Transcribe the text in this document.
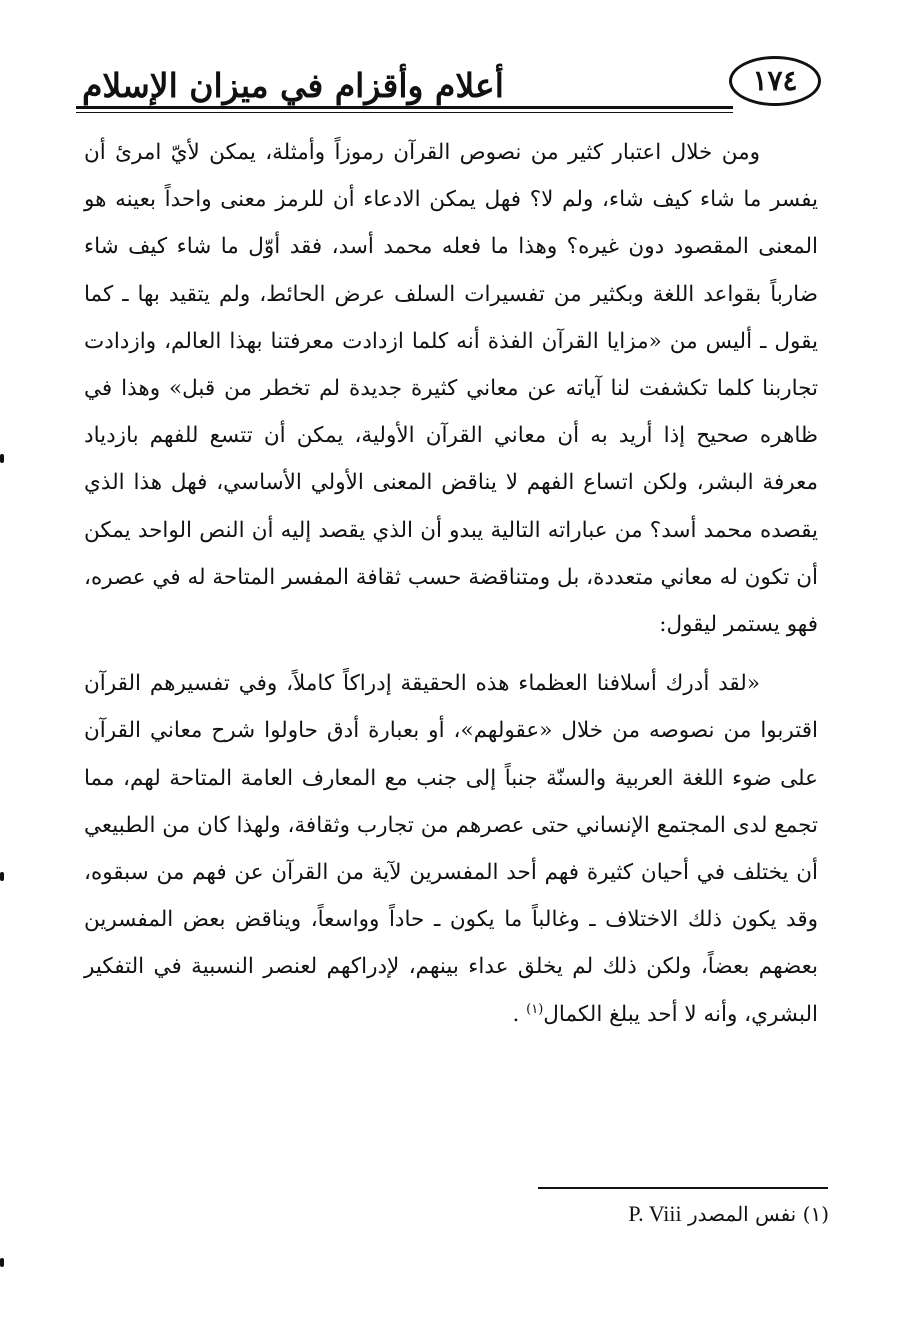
أعلام وأقزام في ميزان الإسلام	١٧٤

ومن خلال اعتبار كثير من نصوص القرآن رموزاً وأمثلة، يمكن لأيّ امرئ أن يفسر ما شاء كيف شاء، ولم لا؟ فهل يمكن الادعاء أن للرمز معنى واحداً بعينه هو المعنى المقصود دون غيره؟ وهذا ما فعله محمد أسد، فقد أوّل ما شاء كيف شاء ضارباً بقواعد اللغة وبكثير من تفسيرات السلف عرض الحائط، ولم يتقيد بها ـ كما يقول ـ أليس من «مزايا القرآن الفذة أنه كلما ازدادت معرفتنا بهذا العالم، وازدادت تجاربنا كلما تكشفت لنا آياته عن معاني كثيرة جديدة لم تخطر من قبل» وهذا في ظاهره صحيح إذا أريد به أن معاني القرآن الأولية، يمكن أن تتسع للفهم بازدياد معرفة البشر، ولكن اتساع الفهم لا يناقض المعنى الأولي الأساسي، فهل هذا الذي يقصده محمد أسد؟ من عباراته التالية يبدو أن الذي يقصد إليه أن النص الواحد يمكن أن تكون له معاني متعددة، بل ومتناقضة حسب ثقافة المفسر المتاحة له في عصره، فهو يستمر ليقول:

«لقد أدرك أسلافنا العظماء هذه الحقيقة إدراكاً كاملاً، وفي تفسيرهم القرآن اقتربوا من نصوصه من خلال «عقولهم»، أو بعبارة أدق حاولوا شرح معاني القرآن على ضوء اللغة العربية والسنّة جنباً إلى جنب مع المعارف العامة المتاحة لهم، مما تجمع لدى المجتمع الإنساني حتى عصرهم من تجارب وثقافة، ولهذا كان من الطبيعي أن يختلف في أحيان كثيرة فهم أحد المفسرين لآية من القرآن عن فهم من سبقوه، وقد يكون ذلك الاختلاف ـ وغالباً ما يكون ـ حاداً وواسعاً، ويناقض بعض المفسرين بعضهم بعضاً، ولكن ذلك لم يخلق عداء بينهم، لإدراكهم لعنصر النسبية في التفكير البشري، وأنه لا أحد يبلغ الكمال$^{(١)}$ .

(١) نفس المصدر P. Viii
